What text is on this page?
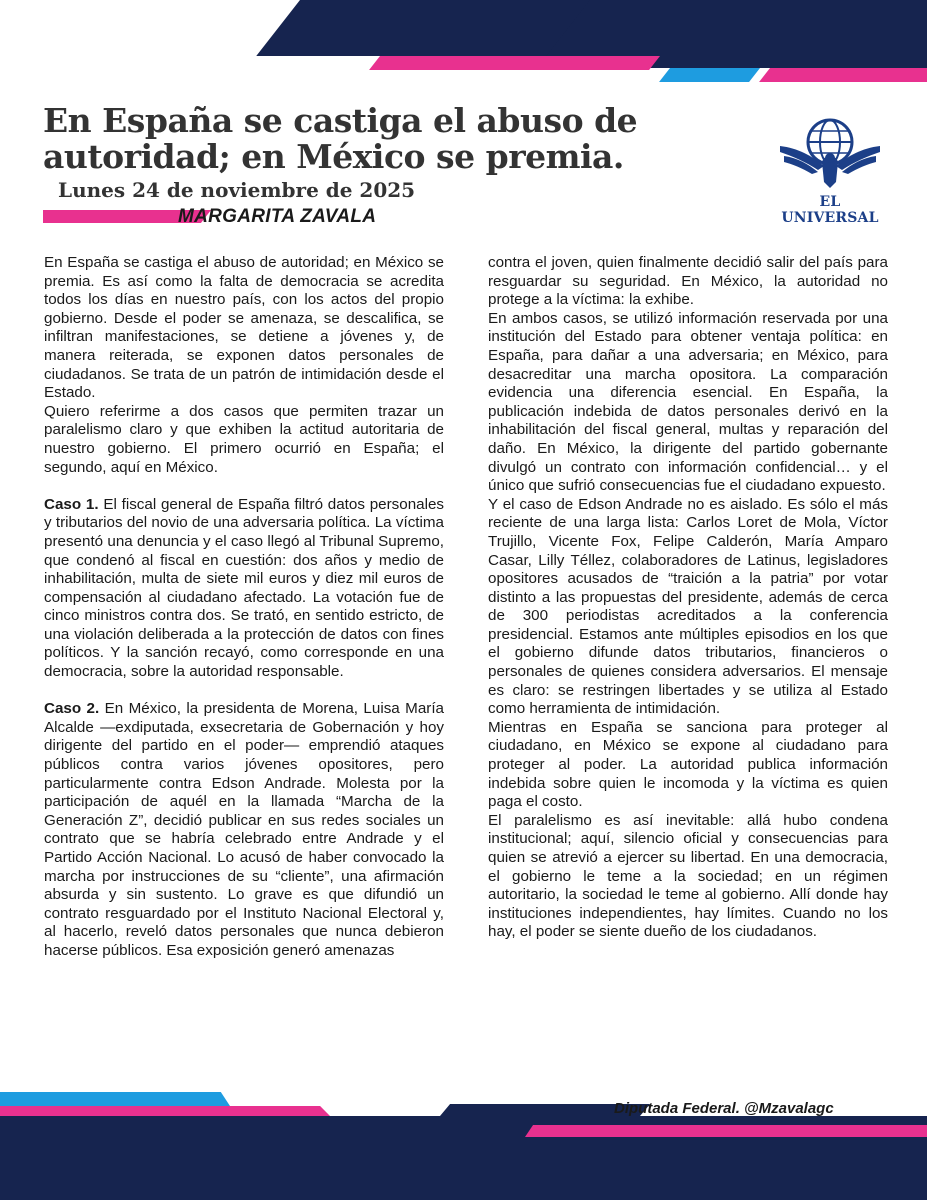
En España se castiga el abuso de autoridad; en México se premia.

Lunes 24 de noviembre de 2025

MARGARITA ZAVALA

EL UNIVERSAL

En España se castiga el abuso de autoridad; en México se premia. Es así como la falta de democracia se acredita todos los días en nuestro país, con los actos del propio gobierno. Desde el poder se amenaza, se descalifica, se infiltran manifestaciones, se detiene a jóvenes y, de manera reiterada, se exponen datos personales de ciudadanos. Se trata de un patrón de intimidación desde el Estado.

Quiero referirme a dos casos que permiten trazar un paralelismo claro y que exhiben la actitud autoritaria de nuestro gobierno. El primero ocurrió en España; el segundo, aquí en México.

Caso 1. El fiscal general de España filtró datos personales y tributarios del novio de una adversaria política. La víctima presentó una denuncia y el caso llegó al Tribunal Supremo, que condenó al fiscal en cuestión: dos años y medio de inhabilitación, multa de siete mil euros y diez mil euros de compensación al ciudadano afectado. La votación fue de cinco ministros contra dos. Se trató, en sentido estricto, de una violación deliberada a la protección de datos con fines políticos. Y la sanción recayó, como corresponde en una democracia, sobre la autoridad responsable.

Caso 2. En México, la presidenta de Morena, Luisa María Alcalde —exdiputada, exsecretaria de Gobernación y hoy dirigente del partido en el poder— emprendió ataques públicos contra varios jóvenes opositores, pero particularmente contra Edson Andrade. Molesta por la participación de aquél en la llamada “Marcha de la Generación Z”, decidió publicar en sus redes sociales un contrato que se habría celebrado entre Andrade y el Partido Acción Nacional. Lo acusó de haber convocado la marcha por instrucciones de su “cliente”, una afirmación absurda y sin sustento. Lo grave es que difundió un contrato resguardado por el Instituto Nacional Electoral y, al hacerlo, reveló datos personales que nunca debieron hacerse públicos. Esa exposición generó amenazas

contra el joven, quien finalmente decidió salir del país para resguardar su seguridad. En México, la autoridad no protege a la víctima: la exhibe.

En ambos casos, se utilizó información reservada por una institución del Estado para obtener ventaja política: en España, para dañar a una adversaria; en México, para desacreditar una marcha opositora. La comparación evidencia una diferencia esencial. En España, la publicación indebida de datos personales derivó en la inhabilitación del fiscal general, multas y reparación del daño. En México, la dirigente del partido gobernante divulgó un contrato con información confidencial… y el único que sufrió consecuencias fue el ciudadano expuesto.

Y el caso de Edson Andrade no es aislado. Es sólo el más reciente de una larga lista: Carlos Loret de Mola, Víctor Trujillo, Vicente Fox, Felipe Calderón, María Amparo Casar, Lilly Téllez, colaboradores de Latinus, legisladores opositores acusados de “traición a la patria” por votar distinto a las propuestas del presidente, además de cerca de 300 periodistas acreditados a la conferencia presidencial. Estamos ante múltiples episodios en los que el gobierno difunde datos tributarios, financieros o personales de quienes considera adversarios. El mensaje es claro: se restringen libertades y se utiliza al Estado como herramienta de intimidación.

Mientras en España se sanciona para proteger al ciudadano, en México se expone al ciudadano para proteger al poder. La autoridad publica información indebida sobre quien le incomoda y la víctima es quien paga el costo.

El paralelismo es así inevitable: allá hubo condena institucional; aquí, silencio oficial y consecuencias para quien se atrevió a ejercer su libertad. En una democracia, el gobierno le teme a la sociedad; en un régimen autoritario, la sociedad le teme al gobierno. Allí donde hay instituciones independientes, hay límites. Cuando no los hay, el poder se siente dueño de los ciudadanos.

Diputada Federal. @Mzavalagc
